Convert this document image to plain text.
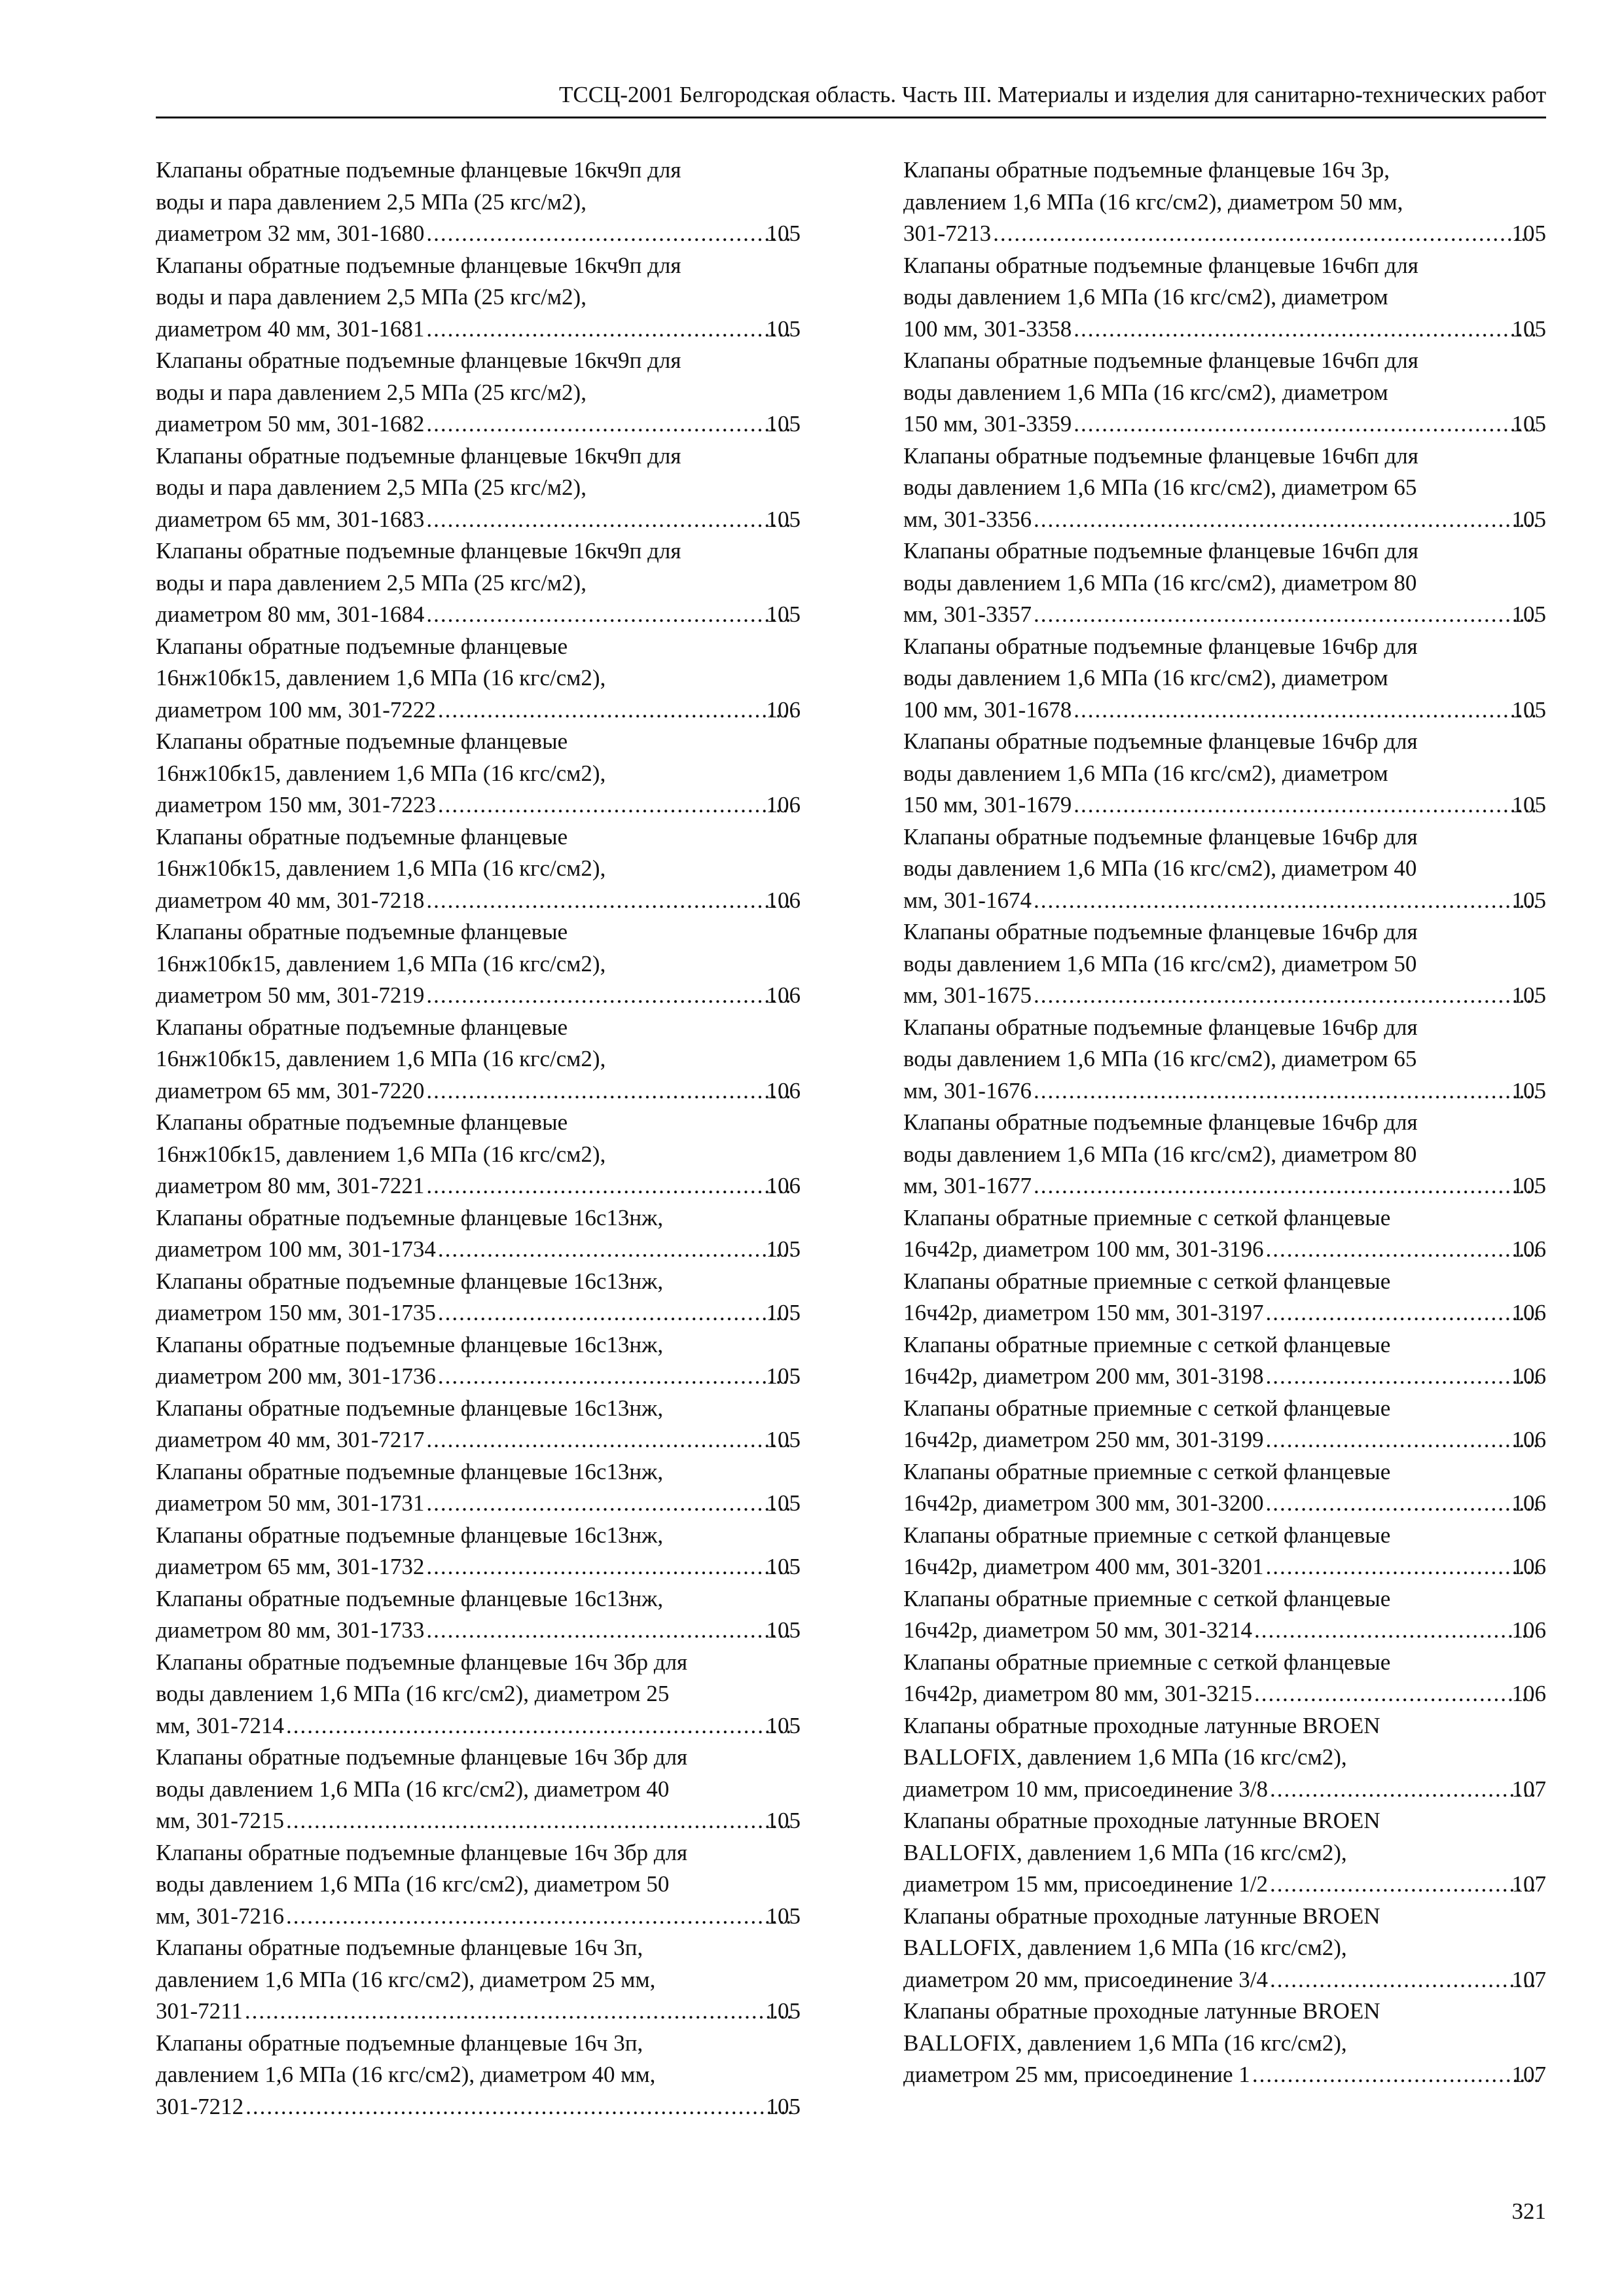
ТССЦ-2001 Белгородская область. Часть III. Материалы и изделия для санитарно-технических работ
Клапаны обратные подъемные фланцевые 16кч9п для
воды и пара давлением 2,5 МПа (25 кгс/м2),
диаметром 32 мм, 301-1680 .....	105
Клапаны обратные подъемные фланцевые 16кч9п для
воды и пара давлением 2,5 МПа (25 кгс/м2),
диаметром 40 мм, 301-1681 .....	105
Клапаны обратные подъемные фланцевые 16кч9п для
воды и пара давлением 2,5 МПа (25 кгс/м2),
диаметром 50 мм, 301-1682 .....	105
Клапаны обратные подъемные фланцевые 16кч9п для
воды и пара давлением 2,5 МПа (25 кгс/м2),
диаметром 65 мм, 301-1683 .....	105
Клапаны обратные подъемные фланцевые 16кч9п для
воды и пара давлением 2,5 МПа (25 кгс/м2),
диаметром 80 мм, 301-1684 .....	105
Клапаны обратные подъемные фланцевые
16нж10бк15, давлением 1,6 МПа (16 кгс/см2),
диаметром 100 мм, 301-7222 .....	106
Клапаны обратные подъемные фланцевые
16нж10бк15, давлением 1,6 МПа (16 кгс/см2),
диаметром 150 мм, 301-7223 .....	106
Клапаны обратные подъемные фланцевые
16нж10бк15, давлением 1,6 МПа (16 кгс/см2),
диаметром 40 мм, 301-7218 .....	106
Клапаны обратные подъемные фланцевые
16нж10бк15, давлением 1,6 МПа (16 кгс/см2),
диаметром 50 мм, 301-7219 .....	106
Клапаны обратные подъемные фланцевые
16нж10бк15, давлением 1,6 МПа (16 кгс/см2),
диаметром 65 мм, 301-7220 .....	106
Клапаны обратные подъемные фланцевые
16нж10бк15, давлением 1,6 МПа (16 кгс/см2),
диаметром 80 мм, 301-7221 .....	106
Клапаны обратные подъемные фланцевые 16с13нж,
диаметром 100 мм, 301-1734 .....	105
Клапаны обратные подъемные фланцевые 16с13нж,
диаметром 150 мм, 301-1735 .....	105
Клапаны обратные подъемные фланцевые 16с13нж,
диаметром 200 мм, 301-1736 .....	105
Клапаны обратные подъемные фланцевые 16с13нж,
диаметром 40 мм, 301-7217 .....	105
Клапаны обратные подъемные фланцевые 16с13нж,
диаметром 50 мм, 301-1731 .....	105
Клапаны обратные подъемные фланцевые 16с13нж,
диаметром 65 мм, 301-1732 .....	105
Клапаны обратные подъемные фланцевые 16с13нж,
диаметром 80 мм, 301-1733 .....	105
Клапаны обратные подъемные фланцевые 16ч 3бр для
воды давлением 1,6 МПа (16 кгс/см2), диаметром 25
мм, 301-7214 .....	105
Клапаны обратные подъемные фланцевые 16ч 3бр для
воды давлением 1,6 МПа (16 кгс/см2), диаметром 40
мм, 301-7215 .....	105
Клапаны обратные подъемные фланцевые 16ч 3бр для
воды давлением 1,6 МПа (16 кгс/см2), диаметром 50
мм, 301-7216 .....	105
Клапаны обратные подъемные фланцевые 16ч 3п,
давлением 1,6 МПа (16 кгс/см2), диаметром 25 мм,
301-7211 .....	105
Клапаны обратные подъемные фланцевые 16ч 3п,
давлением 1,6 МПа (16 кгс/см2), диаметром 40 мм,
301-7212 .....	105
Клапаны обратные подъемные фланцевые 16ч 3р,
давлением 1,6 МПа (16 кгс/см2), диаметром 50 мм,
301-7213 .....	105
Клапаны обратные подъемные фланцевые 16ч6п для
воды давлением 1,6 МПа (16 кгс/см2), диаметром
100 мм, 301-3358 .....	105
Клапаны обратные подъемные фланцевые 16ч6п для
воды давлением 1,6 МПа (16 кгс/см2), диаметром
150 мм, 301-3359 .....	105
Клапаны обратные подъемные фланцевые 16ч6п для
воды давлением 1,6 МПа (16 кгс/см2), диаметром 65
мм, 301-3356 .....	105
Клапаны обратные подъемные фланцевые 16ч6п для
воды давлением 1,6 МПа (16 кгс/см2), диаметром 80
мм, 301-3357 .....	105
Клапаны обратные подъемные фланцевые 16ч6р для
воды давлением 1,6 МПа (16 кгс/см2), диаметром
100 мм, 301-1678 .....	105
Клапаны обратные подъемные фланцевые 16ч6р для
воды давлением 1,6 МПа (16 кгс/см2), диаметром
150 мм, 301-1679 .....	105
Клапаны обратные подъемные фланцевые 16ч6р для
воды давлением 1,6 МПа (16 кгс/см2), диаметром 40
мм, 301-1674 .....	105
Клапаны обратные подъемные фланцевые 16ч6р для
воды давлением 1,6 МПа (16 кгс/см2), диаметром 50
мм, 301-1675 .....	105
Клапаны обратные подъемные фланцевые 16ч6р для
воды давлением 1,6 МПа (16 кгс/см2), диаметром 65
мм, 301-1676 .....	105
Клапаны обратные подъемные фланцевые 16ч6р для
воды давлением 1,6 МПа (16 кгс/см2), диаметром 80
мм, 301-1677 .....	105
Клапаны обратные приемные с сеткой фланцевые
16ч42р, диаметром 100 мм, 301-3196 .....	106
Клапаны обратные приемные с сеткой фланцевые
16ч42р, диаметром 150 мм, 301-3197 .....	106
Клапаны обратные приемные с сеткой фланцевые
16ч42р, диаметром 200 мм, 301-3198 .....	106
Клапаны обратные приемные с сеткой фланцевые
16ч42р, диаметром 250 мм, 301-3199 .....	106
Клапаны обратные приемные с сеткой фланцевые
16ч42р, диаметром 300 мм, 301-3200 .....	106
Клапаны обратные приемные с сеткой фланцевые
16ч42р, диаметром 400 мм, 301-3201 .....	106
Клапаны обратные приемные с сеткой фланцевые
16ч42р, диаметром 50 мм, 301-3214 .....	106
Клапаны обратные приемные с сеткой фланцевые
16ч42р, диаметром 80 мм, 301-3215 .....	106
Клапаны обратные проходные латунные BROEN
BALLOFIX, давлением 1,6 МПа (16 кгс/см2),
диаметром 10 мм, присоединение 3/8 .....	107
Клапаны обратные проходные латунные BROEN
BALLOFIX, давлением 1,6 МПа (16 кгс/см2),
диаметром 15 мм, присоединение 1/2 .....	107
Клапаны обратные проходные латунные BROEN
BALLOFIX, давлением 1,6 МПа (16 кгс/см2),
диаметром 20 мм, присоединение 3/4 .....	107
Клапаны обратные проходные латунные BROEN
BALLOFIX, давлением 1,6 МПа (16 кгс/см2),
диаметром 25 мм, присоединение 1 .....	107
321
